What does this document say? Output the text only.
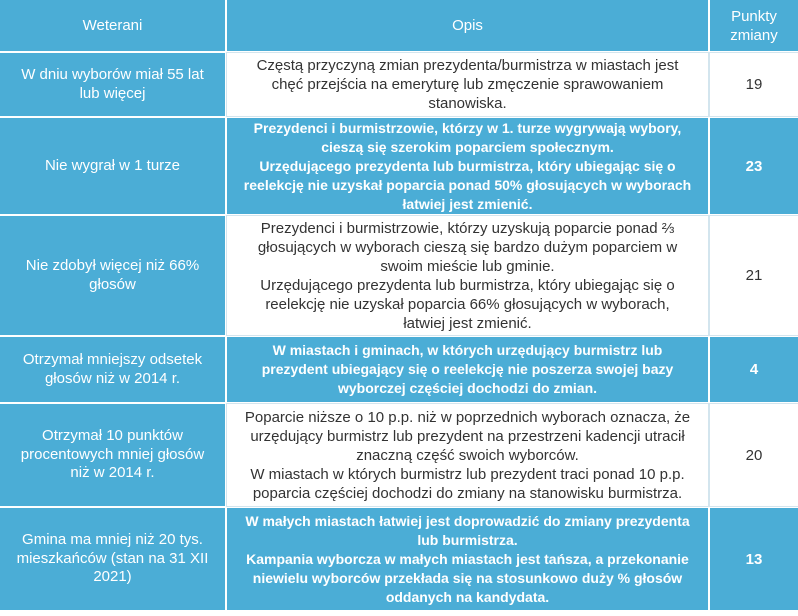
Weterani	Opis
Punkty
zmiany
W dniu wyborów miał 55 lat
lub więcej
Częstą przyczyną zmian prezydenta/burmistrza w miastach jest
chęć przejścia na emeryturę lub zmęczenie sprawowaniem
stanowiska.
19
Nie wygrał w 1 turze
Prezydenci i burmistrzowie, którzy w 1. turze wygrywają wybory,
cieszą się szerokim poparciem społecznym.
Urzędującego prezydenta lub burmistrza, który ubiegając się o
reelekcję nie uzyskał poparcia ponad 50% głosujących w wyborach
łatwiej jest zmienić.
23
Nie zdobył więcej niż 66%
głosów
Prezydenci i burmistrzowie, którzy uzyskują poparcie ponad ⅔
głosujących w wyborach cieszą się bardzo dużym poparciem w
swoim mieście lub gminie.
Urzędującego prezydenta lub burmistrza, który ubiegając się o
reelekcję nie uzyskał poparcia 66% głosujących w wyborach,
łatwiej jest zmienić.
21
Otrzymał mniejszy odsetek
głosów niż w 2014 r.
W miastach i gminach, w których urzędujący burmistrz lub
prezydent ubiegający się o reelekcję nie poszerza swojej bazy
wyborczej częściej dochodzi do zmian.
4
Otrzymał 10 punktów
procentowych mniej głosów
niż w 2014 r.
Poparcie niższe o 10 p.p. niż w poprzednich wyborach oznacza, że
urzędujący burmistrz lub prezydent na przestrzeni kadencji utracił
znaczną część swoich wyborców.
W miastach w których burmistrz lub prezydent traci ponad 10 p.p.
poparcia częściej dochodzi do zmiany na stanowisku burmistrza.
20
Gmina ma mniej niż 20 tys.
mieszkańców (stan na 31 XII
2021)
W małych miastach łatwiej jest doprowadzić do zmiany prezydenta
lub burmistrza.
Kampania wyborcza w małych miastach jest tańsza, a przekonanie
niewielu wyborców przekłada się na stosunkowo duży % głosów
oddanych na kandydata.
13
